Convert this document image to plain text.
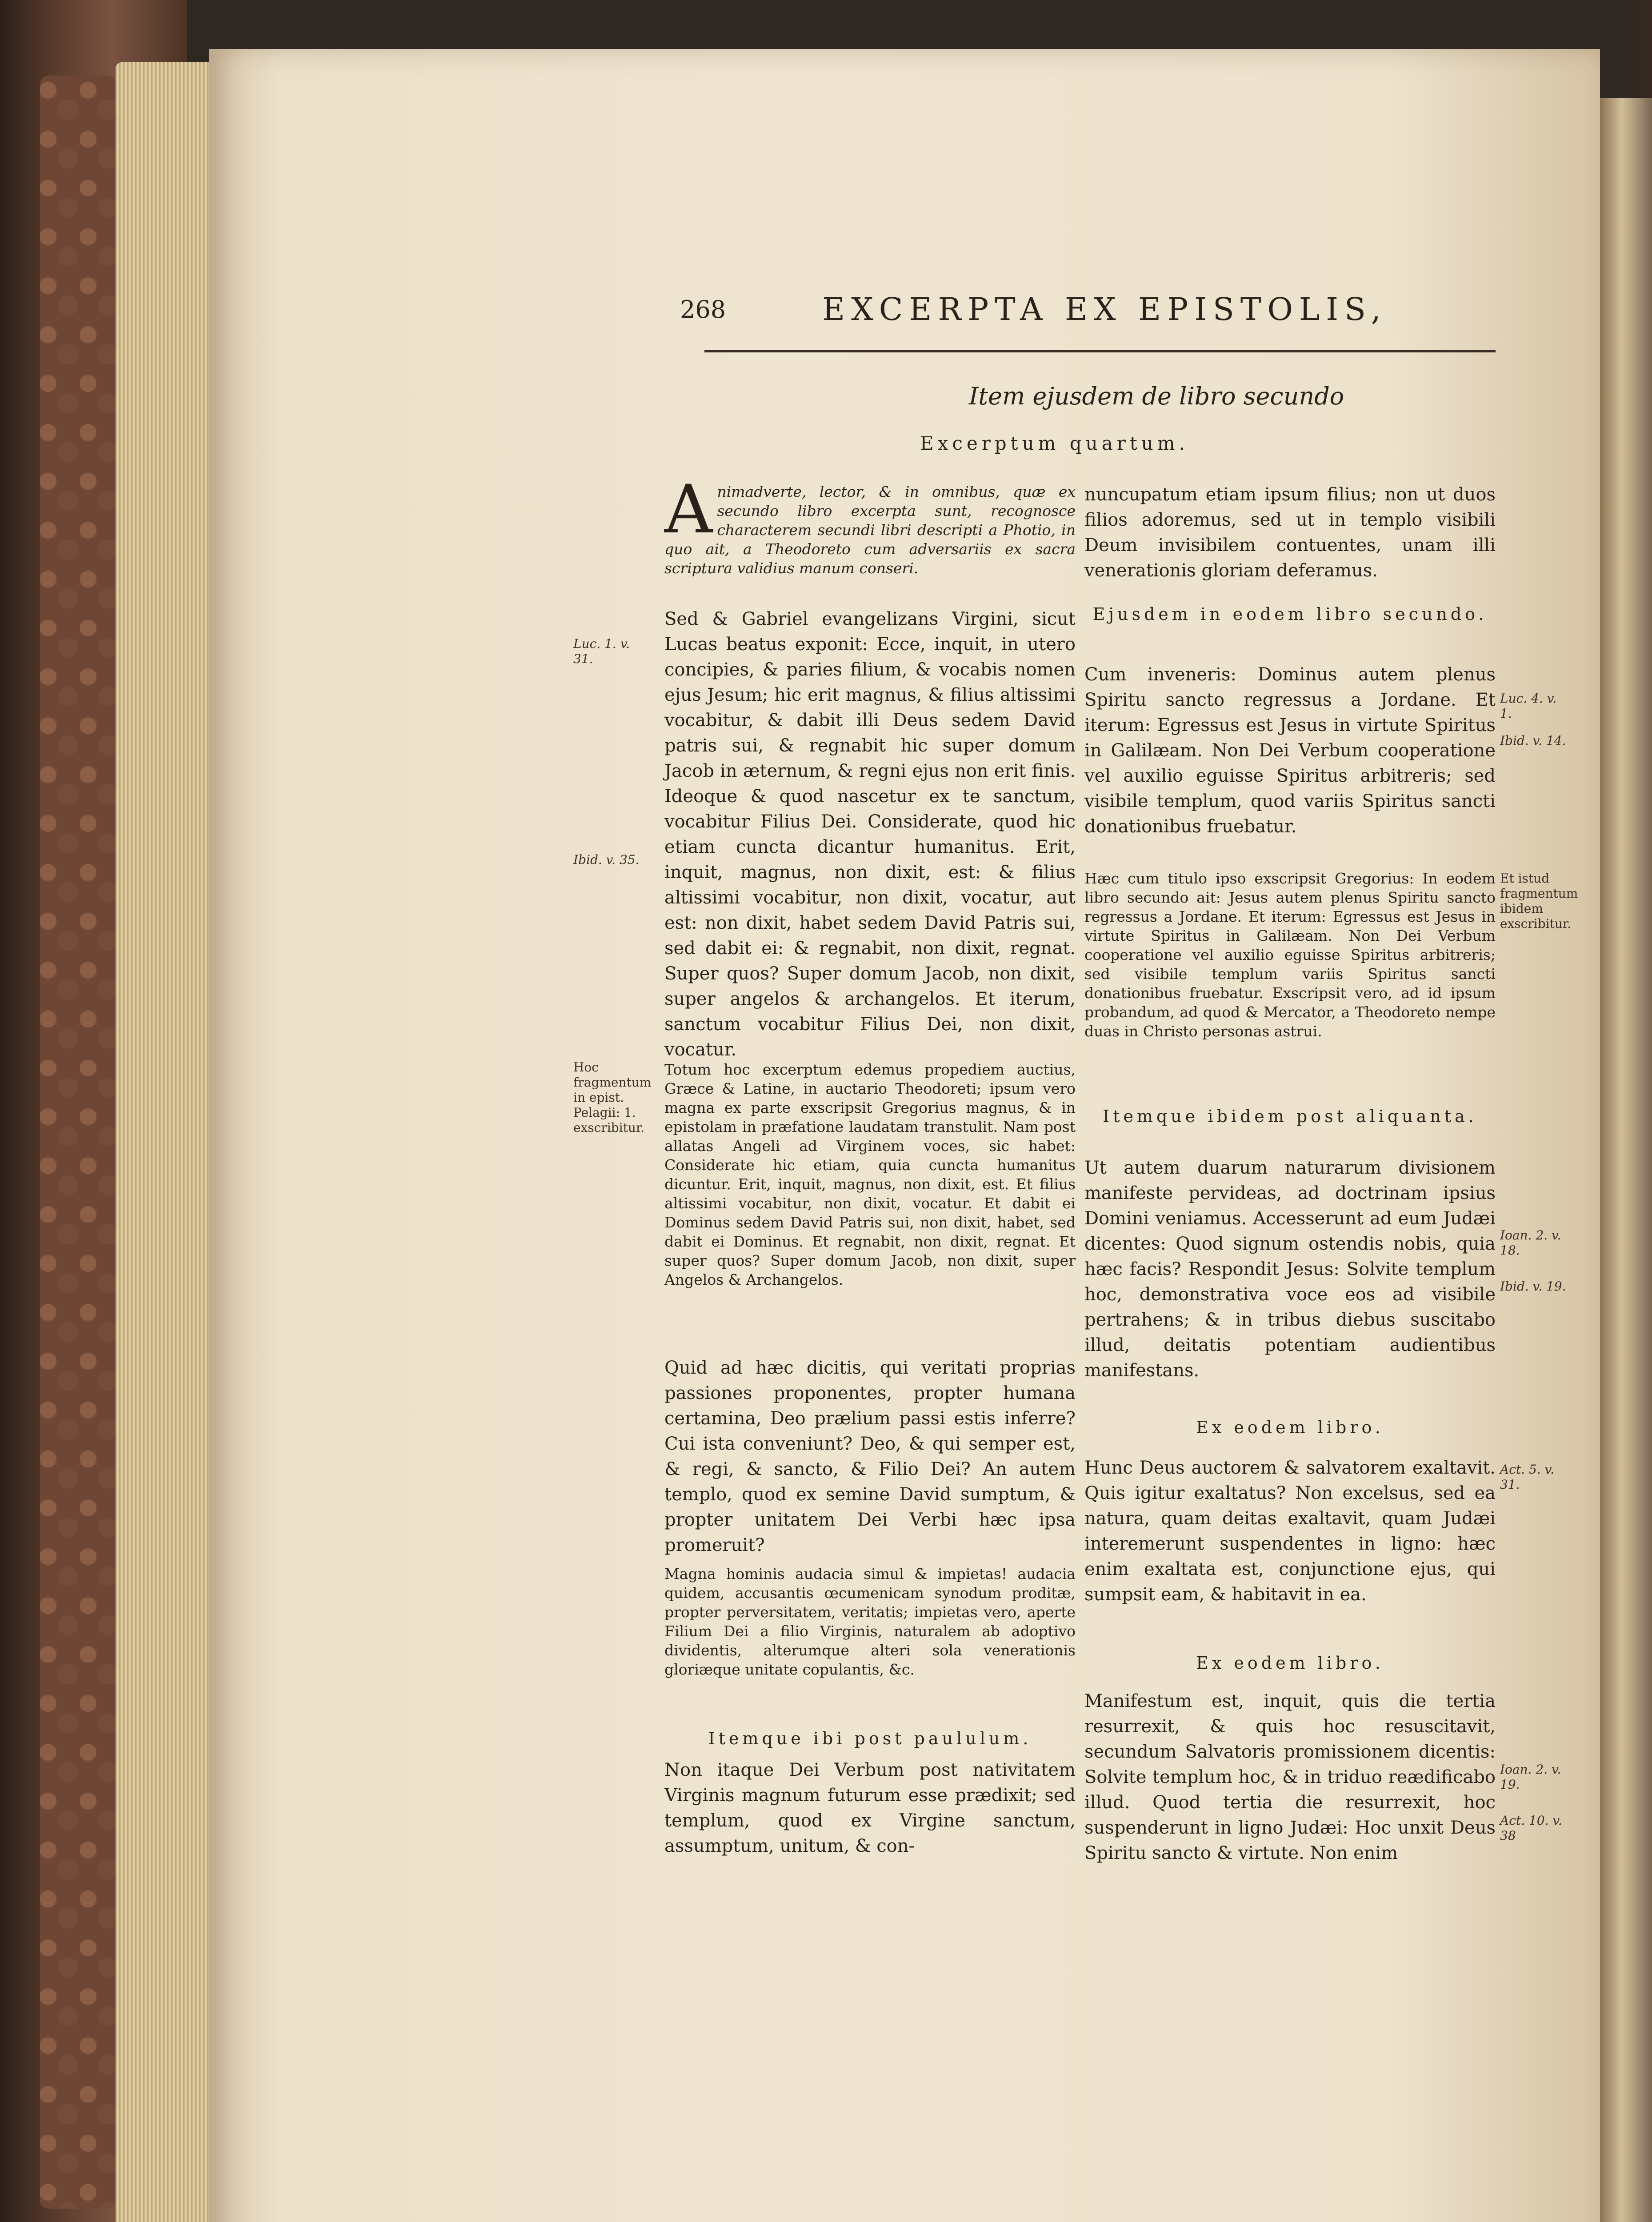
268	EXCERPTA EX EPISTOLIS,
Item ejusdem de libro secundo
Excerptum quartum.
A nimadverte, lector, & in omnibus, quæ ex secundo libro excerpta sunt, recognosce characterem secundi libri descripti a Photio, in quo ait, a Theodoreto cum adversariis ex sacra scriptura validius manum conseri.
Sed & Gabriel evangelizans Virgini, sicut Lucas beatus exponit: Ecce, inquit, in utero concipies, & paries filium, & vocabis nomen ejus Jesum; hic erit magnus, & filius altissimi vocabitur, & dabit illi Deus sedem David patris sui, & regnabit hic super domum Jacob in æternum, & regni ejus non erit finis. Ideoque & quod nascetur ex te sanctum, vocabitur Filius Dei. Considerate, quod hic etiam cuncta dicantur humanitus. Erit, inquit, magnus, non dixit, est: & filius altissimi vocabitur, non dixit, vocatur, aut est: non dixit, habet sedem David Patris sui, sed dabit ei: & regnabit, non dixit, regnat. Super quos? Super domum Jacob, non dixit, super angelos & archangelos. Et iterum, sanctum vocabitur Filius Dei, non dixit, vocatur.
Totum hoc excerptum edemus propediem auctius, Græce & Latine, in auctario Theodoreti; ipsum vero magna ex parte exscripsit Gregorius magnus, & in epistolam in præfatione laudatam transtulit. Nam post allatas Angeli ad Virginem voces, sic habet: Considerate hic etiam, quia cuncta humanitus dicuntur. Erit, inquit, magnus, non dixit, est. Et filius altissimi vocabitur, non dixit, vocatur. Et dabit ei Dominus sedem David Patris sui, non dixit, habet, sed dabit ei Dominus. Et regnabit, non dixit, regnat. Et super quos? Super domum Jacob, non dixit, super Angelos & Archangelos.
Quid ad hæc dicitis, qui veritati proprias passiones proponentes, propter humana certamina, Deo prælium passi estis inferre? Cui ista conveniunt? Deo, & qui semper est, & regi, & sancto, & Filio Dei? An autem templo, quod ex semine David sumptum, & propter unitatem Dei Verbi hæc ipsa promeruit?
Magna hominis audacia simul & impietas! audacia quidem, accusantis œcumenicam synodum proditæ, propter perversitatem, veritatis; impietas vero, aperte Filium Dei a filio Virginis, naturalem ab adoptivo dividentis, alterumque alteri sola venerationis gloriæque unitate copulantis, &c.
Itemque ibi post paululum.
Non itaque Dei Verbum post nativitatem Virginis magnum futurum esse prædixit; sed templum, quod ex Virgine sanctum, assumptum, unitum, & con-
nuncupatum etiam ipsum filius; non ut duos filios adoremus, sed ut in templo visibili Deum invisibilem contuentes, unam illi venerationis gloriam deferamus.
Ejusdem in eodem libro secundo.
Cum inveneris: Dominus autem plenus Spiritu sancto regressus a Jordane. Et iterum: Egressus est Jesus in virtute Spiritus in Galilæam. Non Dei Verbum cooperatione vel auxilio eguisse Spiritus arbitreris; sed visibile templum, quod variis Spiritus sancti donationibus fruebatur.
Hæc cum titulo ipso exscripsit Gregorius: In eodem libro secundo ait: Jesus autem plenus Spiritu sancto regressus a Jordane. Et iterum: Egressus est Jesus in virtute Spiritus in Galilæam. Non Dei Verbum cooperatione vel auxilio eguisse Spiritus arbitreris; sed visibile templum variis Spiritus sancti donationibus fruebatur. Exscripsit vero, ad id ipsum probandum, ad quod & Mercator, a Theodoreto nempe duas in Christo personas astrui.
Itemque ibidem post aliquanta.
Ut autem duarum naturarum divisionem manifeste pervideas, ad doctrinam ipsius Domini veniamus. Accesserunt ad eum Judæi dicentes: Quod signum ostendis nobis, quia hæc facis? Respondit Jesus: Solvite templum hoc, demonstrativa voce eos ad visibile pertrahens; & in tribus diebus suscitabo illud, deitatis potentiam audientibus manifestans.
Ex eodem libro.
Hunc Deus auctorem & salvatorem exaltavit. Quis igitur exaltatus? Non excelsus, sed ea natura, quam deitas exaltavit, quam Judæi interemerunt suspendentes in ligno: hæc enim exaltata est, conjunctione ejus, qui sumpsit eam, & habitavit in ea.
Ex eodem libro.
Manifestum est, inquit, quis die tertia resurrexit, & quis hoc resuscitavit, secundum Salvatoris promissionem dicentis: Solvite templum hoc, & in triduo reædificabo illud. Quod tertia die resurrexit, hoc suspenderunt in ligno Judæi: Hoc unxit Deus Spiritu sancto & virtute. Non enim
Luc. 1. v. 31.
Ibid. v. 35.
Hoc fragmentum in epist. Pelagii: 1. exscribitur.
Luc. 4. v. 1.
Ibid. v. 14.
Et istud fragmentum ibidem exscribitur.
Ioan. 2. v. 18.
Ibid. v. 19.
Act. 5. v. 31.
Ioan. 2. v. 19.
Act. 10. v. 38
